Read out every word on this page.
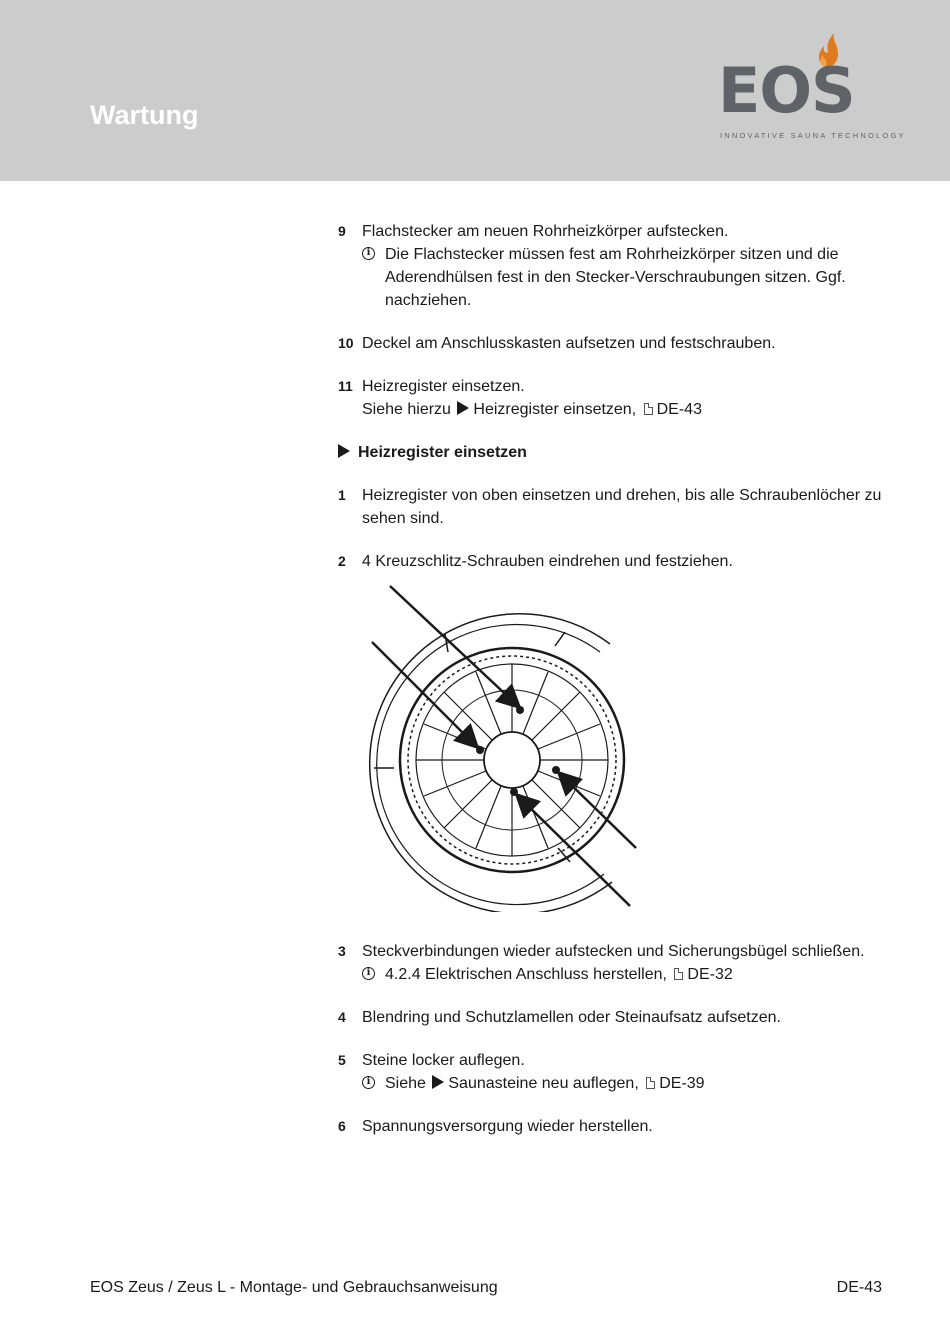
Wartung	EOS
INNOVATIVE SAUNA TECHNOLOGY
9 Flachstecker am neuen Rohrheizkörper aufstecken.
i Die Flachstecker müssen fest am Rohrheizkörper sitzen und die Aderendhülsen fest in den Stecker-Verschraubungen sitzen. Ggf. nachziehen.
10 Deckel am Anschlusskasten aufsetzen und festschrauben.
11 Heizregister einsetzen.
Siehe hierzu Heizregister einsetzen, DE-43
Heizregister einsetzen
1 Heizregister von oben einsetzen und drehen, bis alle Schraubenlöcher zu sehen sind.
2 4 Kreuzschlitz-Schrauben eindrehen und festziehen.
3 Steckverbindungen wieder aufstecken und Sicherungsbügel schließen.
i 4.2.4 Elektrischen Anschluss herstellen, DE-32
4 Blendring und Schutzlamellen oder Steinaufsatz aufsetzen.
5 Steine locker auflegen.
i Siehe Saunasteine neu auflegen, DE-39
6 Spannungsversorgung wieder herstellen.
EOS Zeus / Zeus L - Montage- und Gebrauchsanweisung	DE-43
